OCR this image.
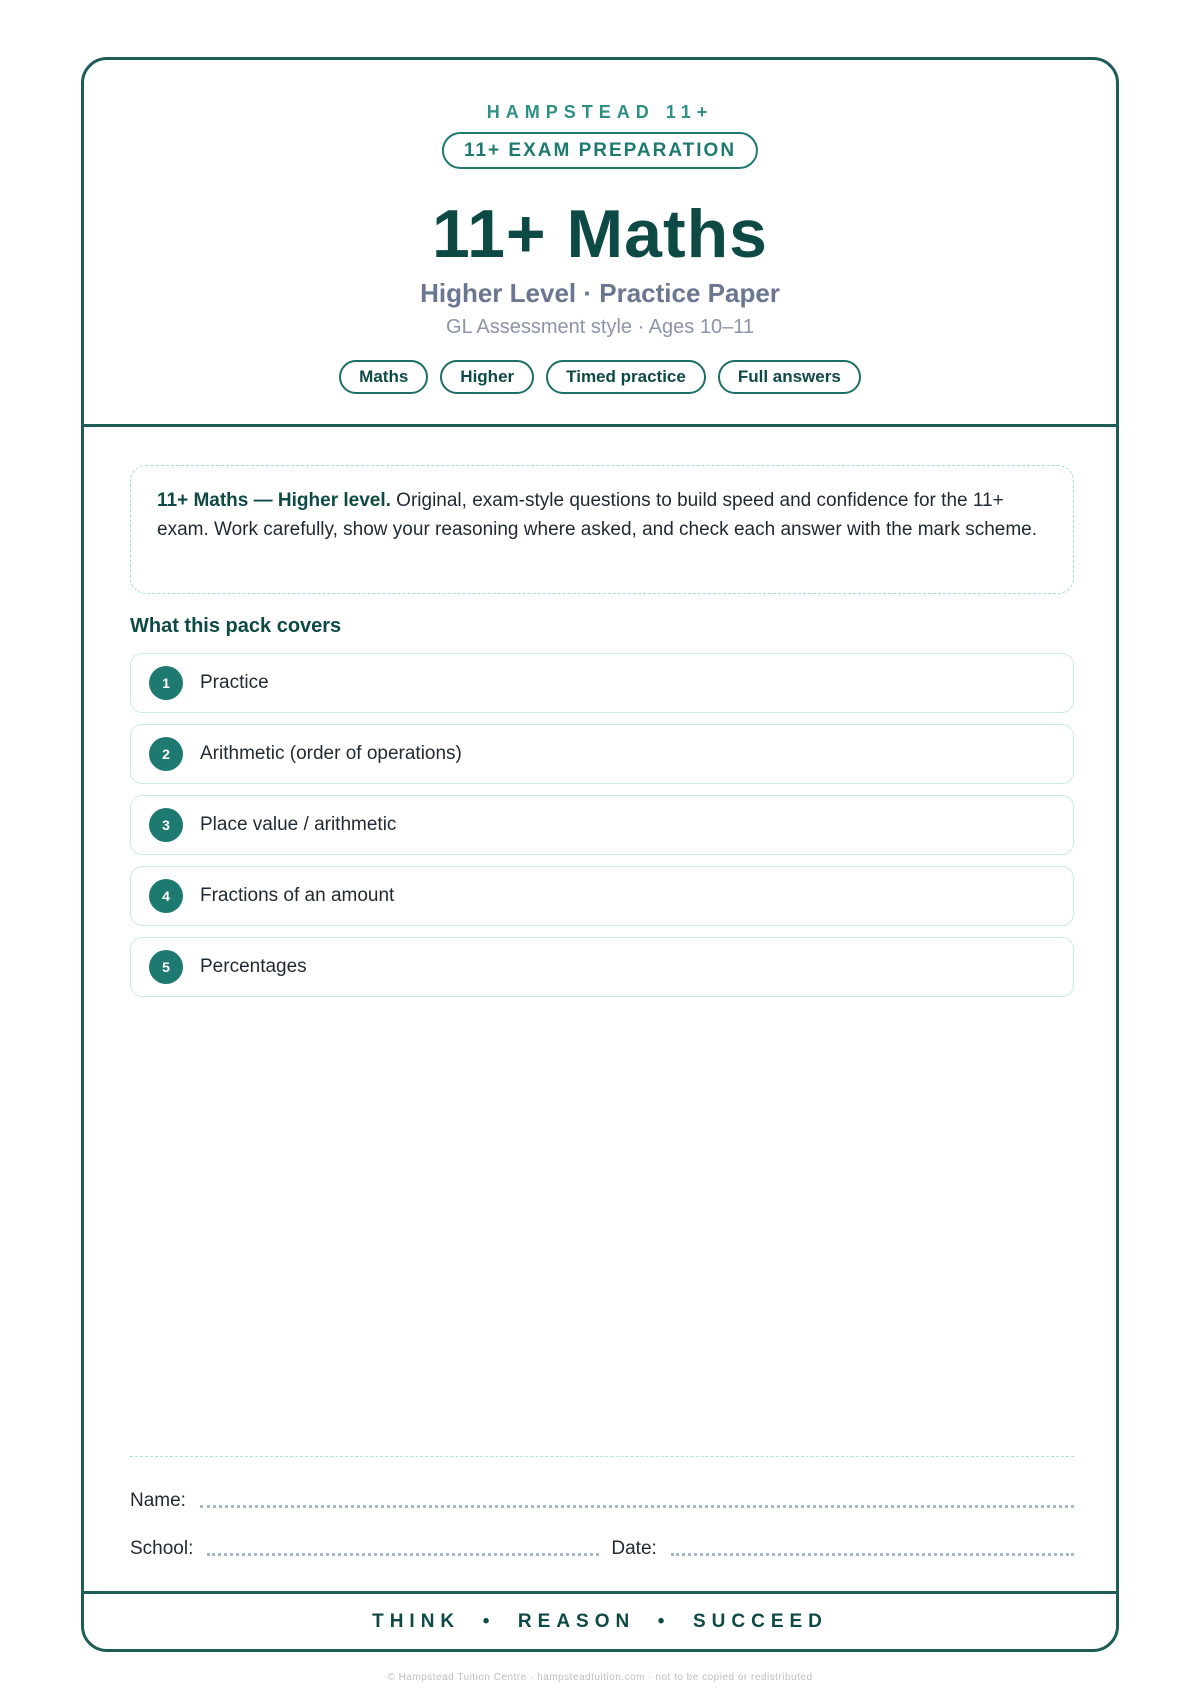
HAMPSTEAD 11+
11+ EXAM PREPARATION
11+ Maths
Higher Level · Practice Paper
GL Assessment style · Ages 10–11
Maths	Higher	Timed practice	Full answers
11+ Maths — Higher level. Original, exam-style questions to build speed and confidence for the 11+ exam. Work carefully, show your reasoning where asked, and check each answer with the mark scheme.
What this pack covers
1	Practice
2	Arithmetic (order of operations)
3	Place value / arithmetic
4	Fractions of an amount
5	Percentages
Name:
School:	Date:
THINK  •  REASON  •  SUCCEED
© Hampstead Tuition Centre · hampsteadtuition.com · not to be copied or redistributed
